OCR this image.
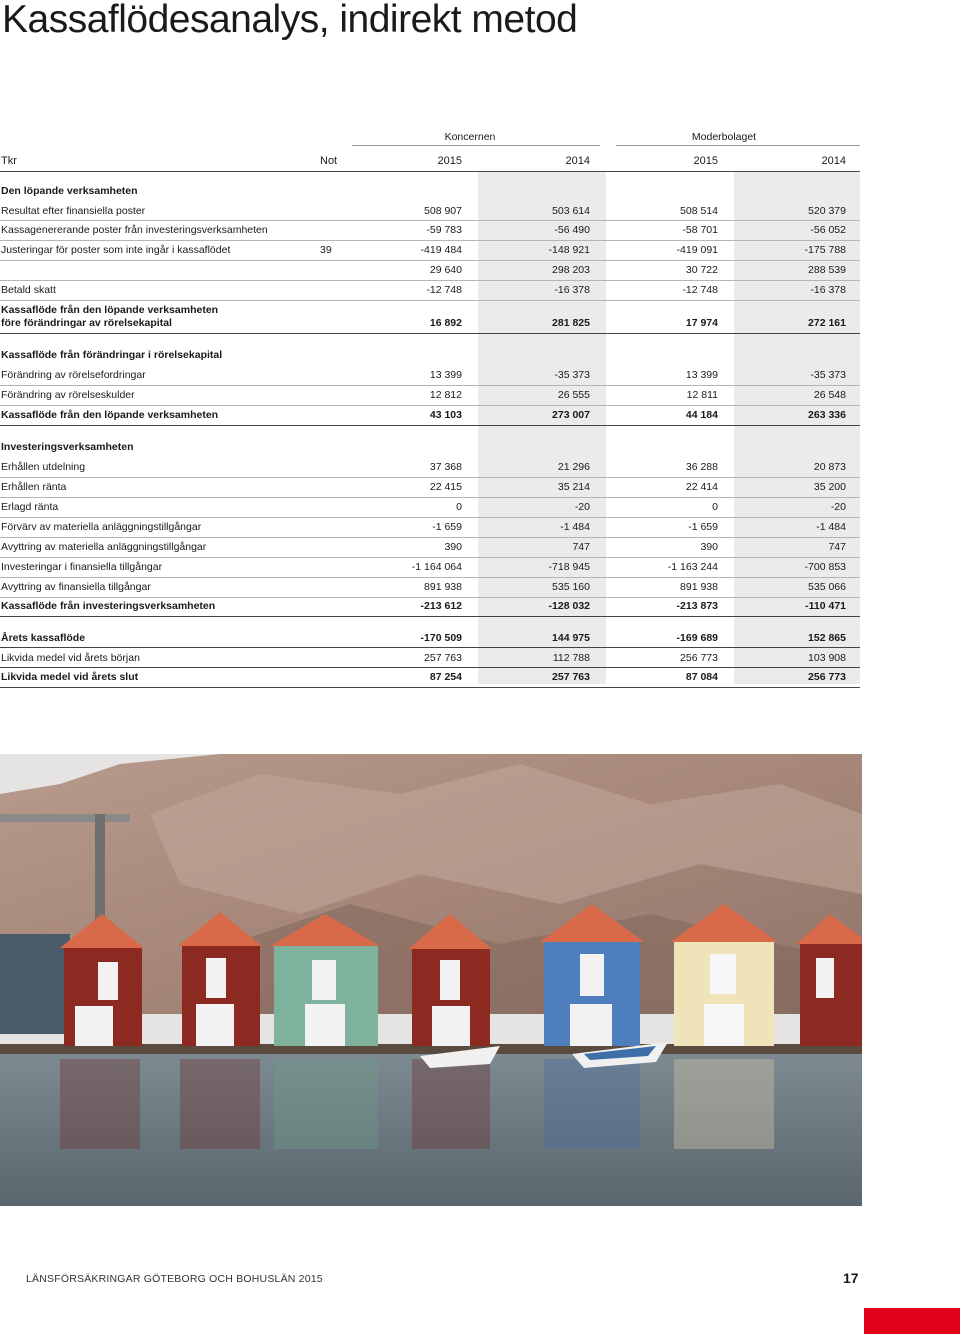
Kassaflödesanalys, indirekt metod
Koncernen	Moderbolaget
Tkr	Not	2015	2014	2015	2014
Den löpande verksamheten
Resultat efter finansiella poster	508 907	503 614	508 514	520 379
Kassagenererande poster från investeringsverksamheten	-59 783	-56 490	-58 701	-56 052
Justeringar för poster som inte ingår i kassaflödet	39	-419 484	-148 921	-419 091	-175 788
29 640	298 203	30 722	288 539
Betald skatt	-12 748	-16 378	-12 748	-16 378
Kassaflöde från den löpande verksamheten
före förändringar av rörelsekapital	16 892	281 825	17 974	272 161
Kassaflöde från förändringar i rörelsekapital
Förändring av rörelsefordringar	13 399	-35 373	13 399	-35 373
Förändring av rörelseskulder	12 812	26 555	12 811	26 548
Kassaflöde från den löpande verksamheten	43 103	273 007	44 184	263 336
Investeringsverksamheten
Erhållen utdelning	37 368	21 296	36 288	20 873
Erhållen ränta	22 415	35 214	22 414	35 200
Erlagd ränta	0	-20	0	-20
Förvärv av materiella anläggningstillgångar	-1 659	-1 484	-1 659	-1 484
Avyttring av materiella anläggningstillgångar	390	747	390	747
Investeringar i finansiella tillgångar	-1 164 064	-718 945	-1 163 244	-700 853
Avyttring av finansiella tillgångar	891 938	535 160	891 938	535 066
Kassaflöde från investeringsverksamheten	-213 612	-128 032	-213 873	-110 471
Årets kassaflöde	-170 509	144 975	-169 689	152 865
Likvida medel vid årets början	257 763	112 788	256 773	103 908
Likvida medel vid årets slut	87 254	257 763	87 084	256 773
LÄNSFÖRSÄKRINGAR GÖTEBORG OCH BOHUSLÄN 2015	17
